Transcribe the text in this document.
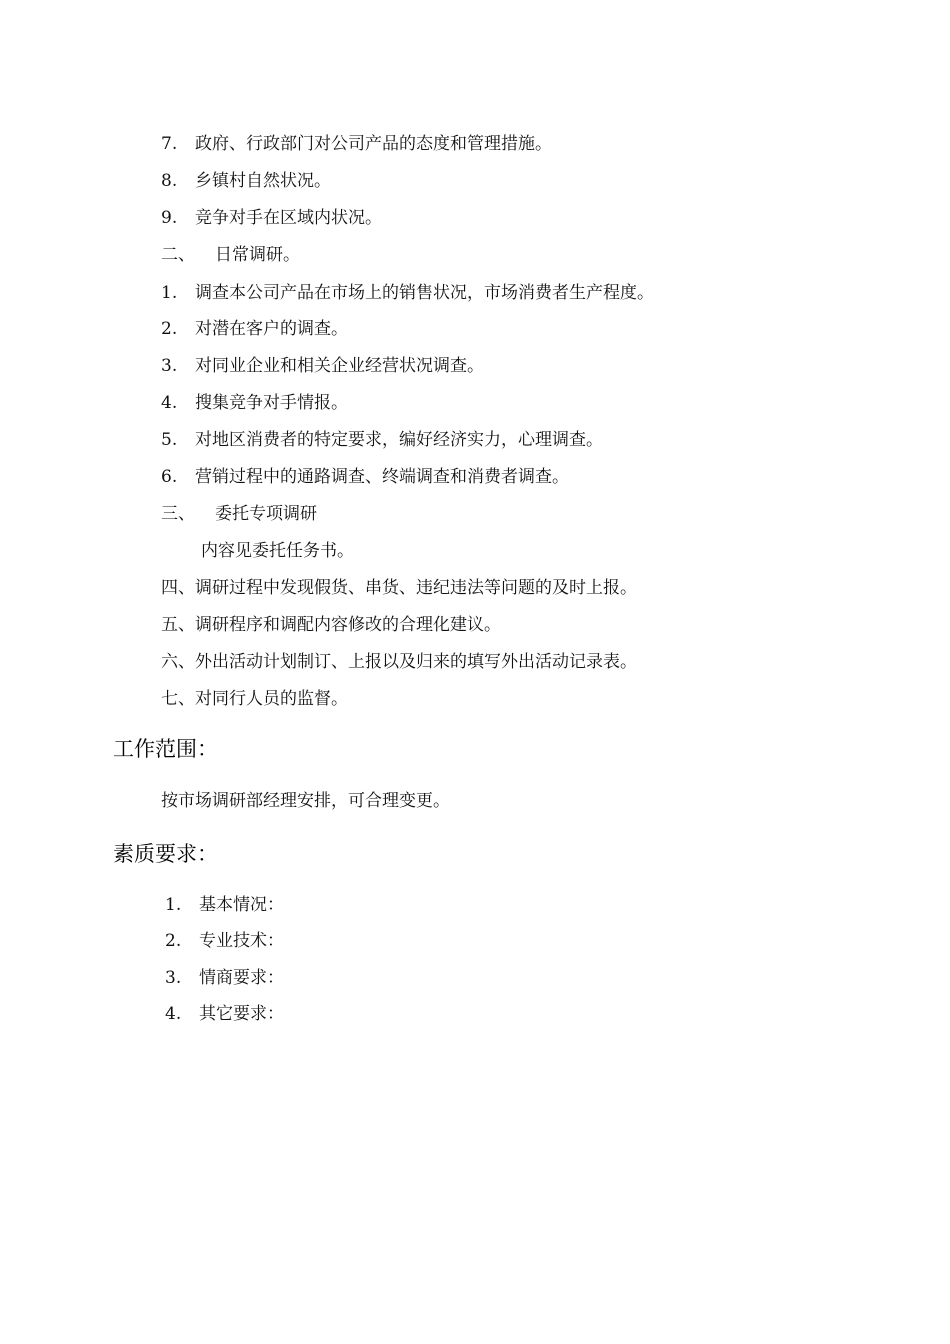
7. 政府、行政部门对公司产品的态度和管理措施。
8. 乡镇村自然状况。
9. 竞争对手在区域内状况。
二、 日常调研。
1. 调查本公司产品在市场上的销售状况，市场消费者生产程度。
2. 对潜在客户的调查。
3. 对同业企业和相关企业经营状况调查。
4. 搜集竞争对手情报。
5. 对地区消费者的特定要求，编好经济实力，心理调查。
6. 营销过程中的通路调查、终端调查和消费者调查。
三、 委托专项调研
内容见委托任务书。
四、调研过程中发现假货、串货、违纪违法等问题的及时上报。
五、调研程序和调配内容修改的合理化建议。
六、外出活动计划制订、上报以及归来的填写外出活动记录表。
七、对同行人员的监督。
工作范围：
按市场调研部经理安排，可合理变更。
素质要求：
1. 基本情况：
2. 专业技术：
3. 情商要求：
4. 其它要求：
